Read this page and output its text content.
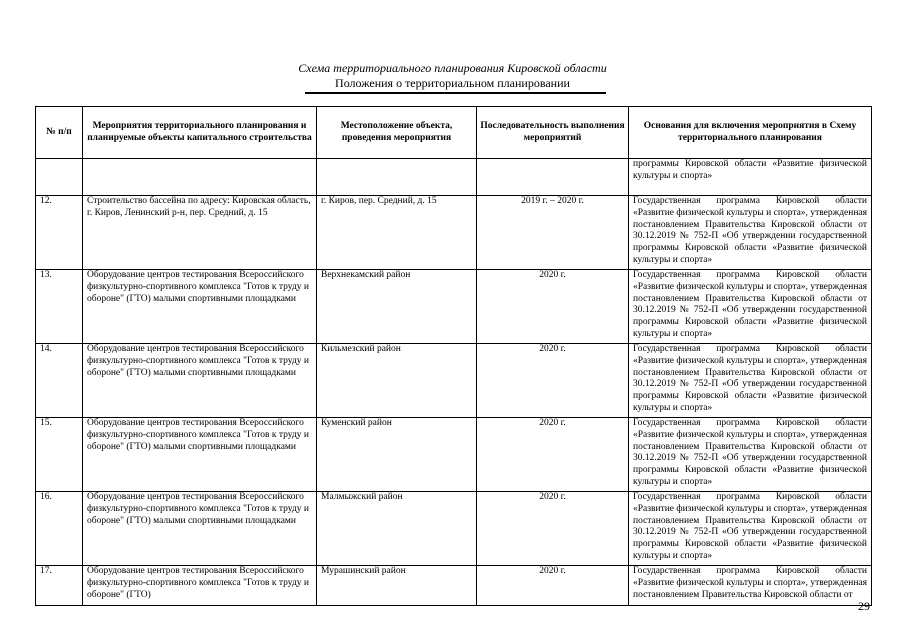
Схема территориального планирования Кировской области
Положения о территориальном планировании
№ п/п	Мероприятия территориального планирования и планируемые объекты капитального строительства	Местоположение объекта, проведения мероприятия	Последовательность выполнения мероприятий	Основания для включения мероприятия в Схему территориального планирования
				программы Кировской области «Развитие физической культуры и спорта»
12.	Строительство бассейна по адресу: Кировская область, г. Киров, Ленинский р-н, пер. Средний, д. 15	г. Киров, пер. Средний, д. 15	2019 г. – 2020 г.	Государственная программа Кировской области «Развитие физической культуры и спорта», утвержденная постановлением Правительства Кировской области от 30.12.2019 № 752-П «Об утверждении государственной программы Кировской области «Развитие физической культуры и спорта»
13.	Оборудование центров тестирования Всероссийского физкультурно-спортивного комплекса "Готов к труду и обороне" (ГТО) малыми спортивными площадками	Верхнекамский район	2020 г.	Государственная программа Кировской области «Развитие физической культуры и спорта», утвержденная постановлением Правительства Кировской области от 30.12.2019 № 752-П «Об утверждении государственной программы Кировской области «Развитие физической культуры и спорта»
14.	Оборудование центров тестирования Всероссийского физкультурно-спортивного комплекса "Готов к труду и обороне" (ГТО) малыми спортивными площадками	Кильмезский район	2020 г.	Государственная программа Кировской области «Развитие физической культуры и спорта», утвержденная постановлением Правительства Кировской области от 30.12.2019 № 752-П «Об утверждении государственной программы Кировской области «Развитие физической культуры и спорта»
15.	Оборудование центров тестирования Всероссийского физкультурно-спортивного комплекса "Готов к труду и обороне" (ГТО) малыми спортивными площадками	Куменский район	2020 г.	Государственная программа Кировской области «Развитие физической культуры и спорта», утвержденная постановлением Правительства Кировской области от 30.12.2019 № 752-П «Об утверждении государственной программы Кировской области «Развитие физической культуры и спорта»
16.	Оборудование центров тестирования Всероссийского физкультурно-спортивного комплекса "Готов к труду и обороне" (ГТО) малыми спортивными площадками	Малмыжский район	2020 г.	Государственная программа Кировской области «Развитие физической культуры и спорта», утвержденная постановлением Правительства Кировской области от 30.12.2019 № 752-П «Об утверждении государственной программы Кировской области «Развитие физической культуры и спорта»
17.	Оборудование центров тестирования Всероссийского физкультурно-спортивного комплекса "Готов к труду и обороне" (ГТО)	Мурашинский район	2020 г.	Государственная программа Кировской области «Развитие физической культуры и спорта», утвержденная постановлением Правительства Кировской области от
29
